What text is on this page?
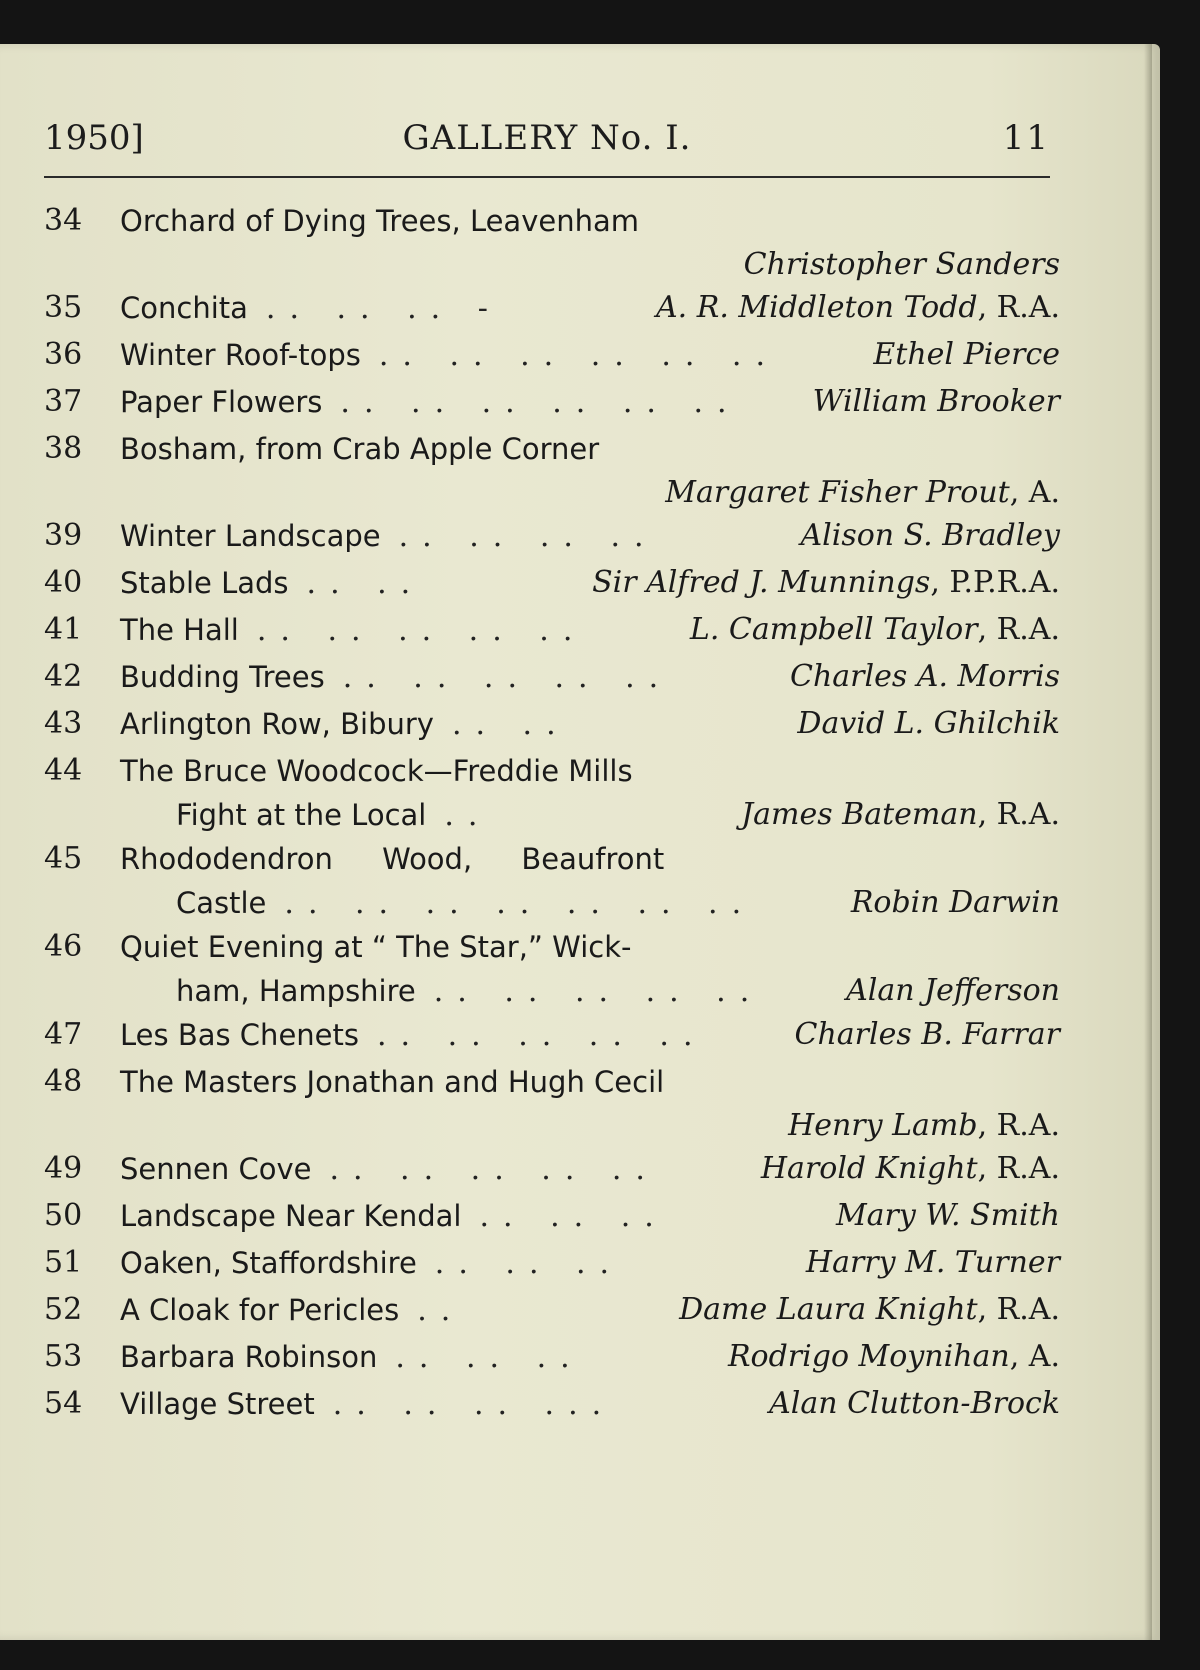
1950]	GALLERY No. I.	11
34	Orchard of Dying Trees, Leavenham
Christopher Sanders
35	Conchita .. .. .. -	A. R. Middleton Todd, R.A.
36	Winter Roof-tops .. .. .. .. .. ..	Ethel Pierce
37	Paper Flowers .. .. .. .. .. .. William Brooker
38	Bosham, from Crab Apple Corner
Margaret Fisher Prout, A.
39	Winter Landscape .. .. .. ..	Alison S. Bradley
40	Stable Lads .. ..	Sir Alfred J. Munnings, P.P.R.A.
41	The Hall .. .. .. .. ..	L. Campbell Taylor, R.A.
42	Budding Trees .. .. .. .. ..	Charles A. Morris
43	Arlington Row, Bibury .. ..	David L. Ghilchik
44	The Bruce Woodcock—Freddie Mills
Fight at the Local ..	James Bateman, R.A.
45	Rhododendron Wood, Beaufront
Castle .. .. .. .. .. .. ..	Robin Darwin
46	Quiet Evening at “ The Star,” Wick-
ham, Hampshire .. .. .. .. ..	Alan Jefferson
47	Les Bas Chenets .. .. .. .. ..	Charles B. Farrar
48	The Masters Jonathan and Hugh Cecil
Henry Lamb, R.A.
49	Sennen Cove .. .. .. .. ..	Harold Knight, R.A.
50	Landscape Near Kendal .. .. ..	Mary W. Smith
51	Oaken, Staffordshire .. .. ..	Harry M. Turner
52	A Cloak for Pericles ..	Dame Laura Knight, R.A.
53	Barbara Robinson .. .. ..	Rodrigo Moynihan, A.
54	Village Street .. .. .. ...	Alan Clutton-Brock
